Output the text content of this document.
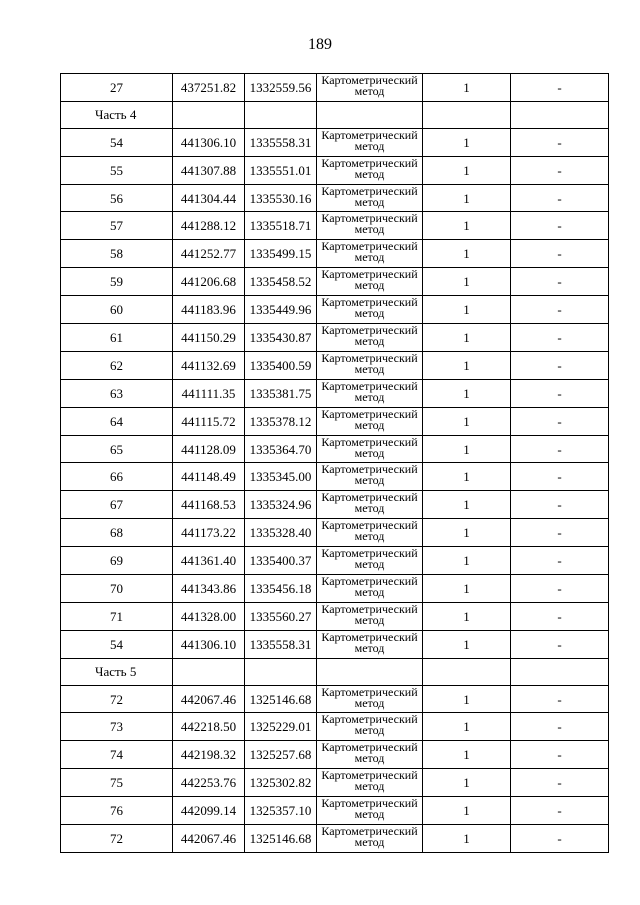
189
27	437251.82	1332559.56	Картометрический метод	1	-
Часть 4					
54	441306.10	1335558.31	Картометрический метод	1	-
55	441307.88	1335551.01	Картометрический метод	1	-
56	441304.44	1335530.16	Картометрический метод	1	-
57	441288.12	1335518.71	Картометрический метод	1	-
58	441252.77	1335499.15	Картометрический метод	1	-
59	441206.68	1335458.52	Картометрический метод	1	-
60	441183.96	1335449.96	Картометрический метод	1	-
61	441150.29	1335430.87	Картометрический метод	1	-
62	441132.69	1335400.59	Картометрический метод	1	-
63	441111.35	1335381.75	Картометрический метод	1	-
64	441115.72	1335378.12	Картометрический метод	1	-
65	441128.09	1335364.70	Картометрический метод	1	-
66	441148.49	1335345.00	Картометрический метод	1	-
67	441168.53	1335324.96	Картометрический метод	1	-
68	441173.22	1335328.40	Картометрический метод	1	-
69	441361.40	1335400.37	Картометрический метод	1	-
70	441343.86	1335456.18	Картометрический метод	1	-
71	441328.00	1335560.27	Картометрический метод	1	-
54	441306.10	1335558.31	Картометрический метод	1	-
Часть 5					
72	442067.46	1325146.68	Картометрический метод	1	-
73	442218.50	1325229.01	Картометрический метод	1	-
74	442198.32	1325257.68	Картометрический метод	1	-
75	442253.76	1325302.82	Картометрический метод	1	-
76	442099.14	1325357.10	Картометрический метод	1	-
72	442067.46	1325146.68	Картометрический метод	1	-
